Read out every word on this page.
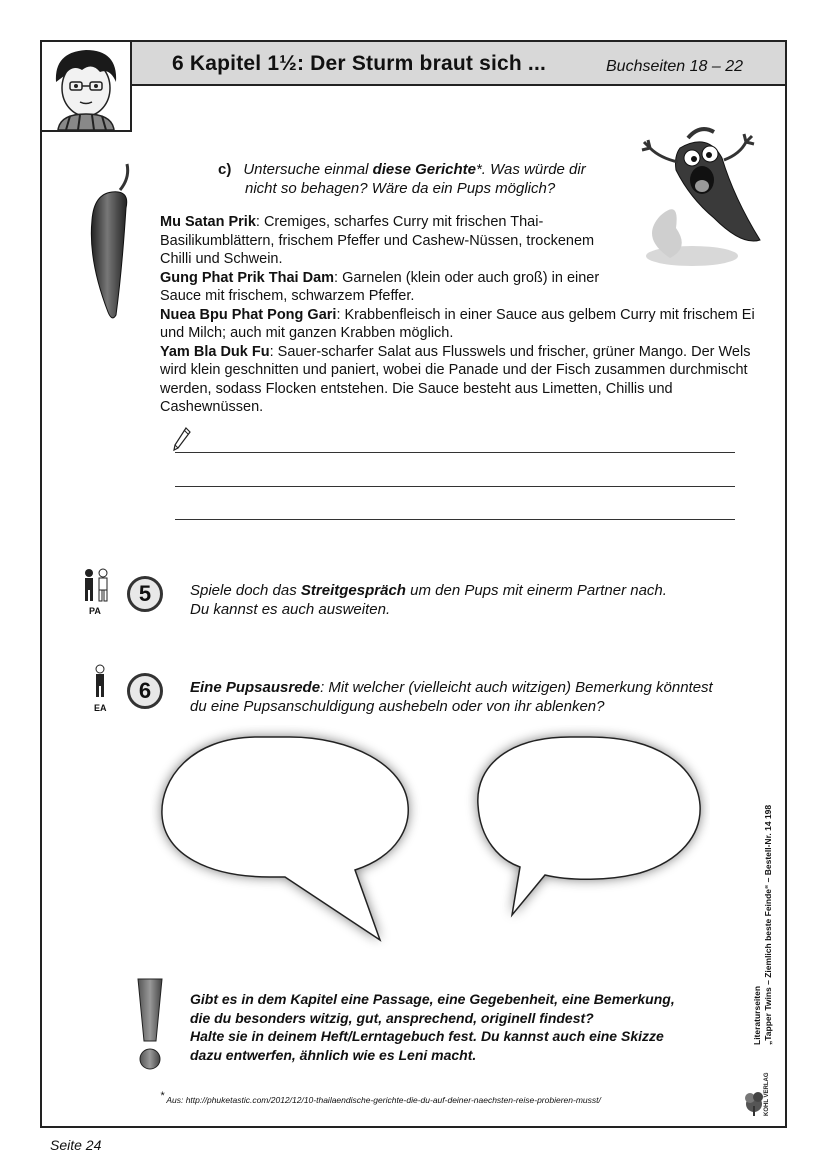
6 Kapitel 1½: Der Sturm braut sich ...	Buchseiten 18 – 22
c) Untersuche einmal diese Gerichte*. Was würde dir
nicht so behagen? Wäre da ein Pups möglich?

Mu Satan Prik: Cremiges, scharfes Curry mit frischen Thai-Basilikumblättern, frischem Pfeffer und Cashew-Nüssen, trockenem Chilli und Schwein.

Gung Phat Prik Thai Dam: Garnelen (klein oder auch groß) in einer Sauce mit frischem, schwarzem Pfeffer.

Nuea Bpu Phat Pong Gari: Krabbenfleisch in einer Sauce aus gelbem Curry mit frischem Ei und Milch; auch mit ganzen Krabben möglich.

Yam Bla Duk Fu: Sauer-scharfer Salat aus Flusswels und frischer, grüner Mango. Der Wels wird klein geschnitten und paniert, wobei die Panade und der Fisch zusammen durchmischt werden, sodass Flocken entstehen. Die Sauce besteht aus Limetten, Chillis und Cashewnüssen.

PA
5	Spiele doch das Streitgespräch um den Pups mit einerm Partner nach.
Du kannst es auch ausweiten.
EA
6	Eine Pupsausrede: Mit welcher (vielleicht auch witzigen) Bemerkung könntest
du eine Pupsanschuldigung aushebeln oder von ihr ablenken?
Gibt es in dem Kapitel eine Passage, eine Gegebenheit, eine Bemerkung,
die du besonders witzig, gut, ansprechend, originell findest?
Halte sie in deinem Heft/Lerntagebuch fest. Du kannst auch eine Skizze
dazu entwerfen, ähnlich wie es Leni macht.
* Aus: http://phuketastic.com/2012/12/10-thailaendische-gerichte-die-du-auf-deiner-naechsten-reise-probieren-musst/
Literaturseiten „Tapper Twins – Ziemlich beste Feinde“ – Bestell-Nr. 14 198
KOHL VERLAG
Seite 24
